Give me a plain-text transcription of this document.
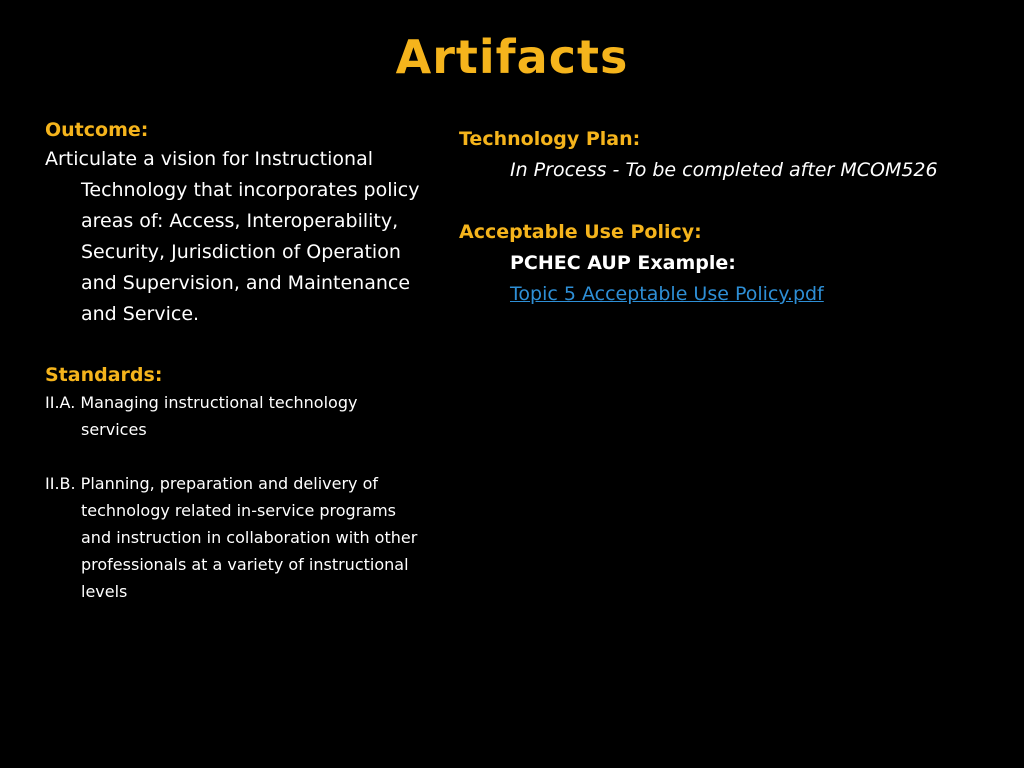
Artifacts
Outcome:
Articulate a vision for Instructional Technology that incorporates policy areas of: Access, Interoperability, Security, Jurisdiction of Operation and Supervision, and Maintenance and Service.
Standards:
II.A. Managing instructional technology services
II.B. Planning, preparation and delivery of technology related in-service programs and instruction in collaboration with other professionals at a variety of instructional levels
Technology Plan:
In Process - To be completed after MCOM526
Acceptable Use Policy:
PCHEC AUP Example:
Topic 5 Acceptable Use Policy.pdf
